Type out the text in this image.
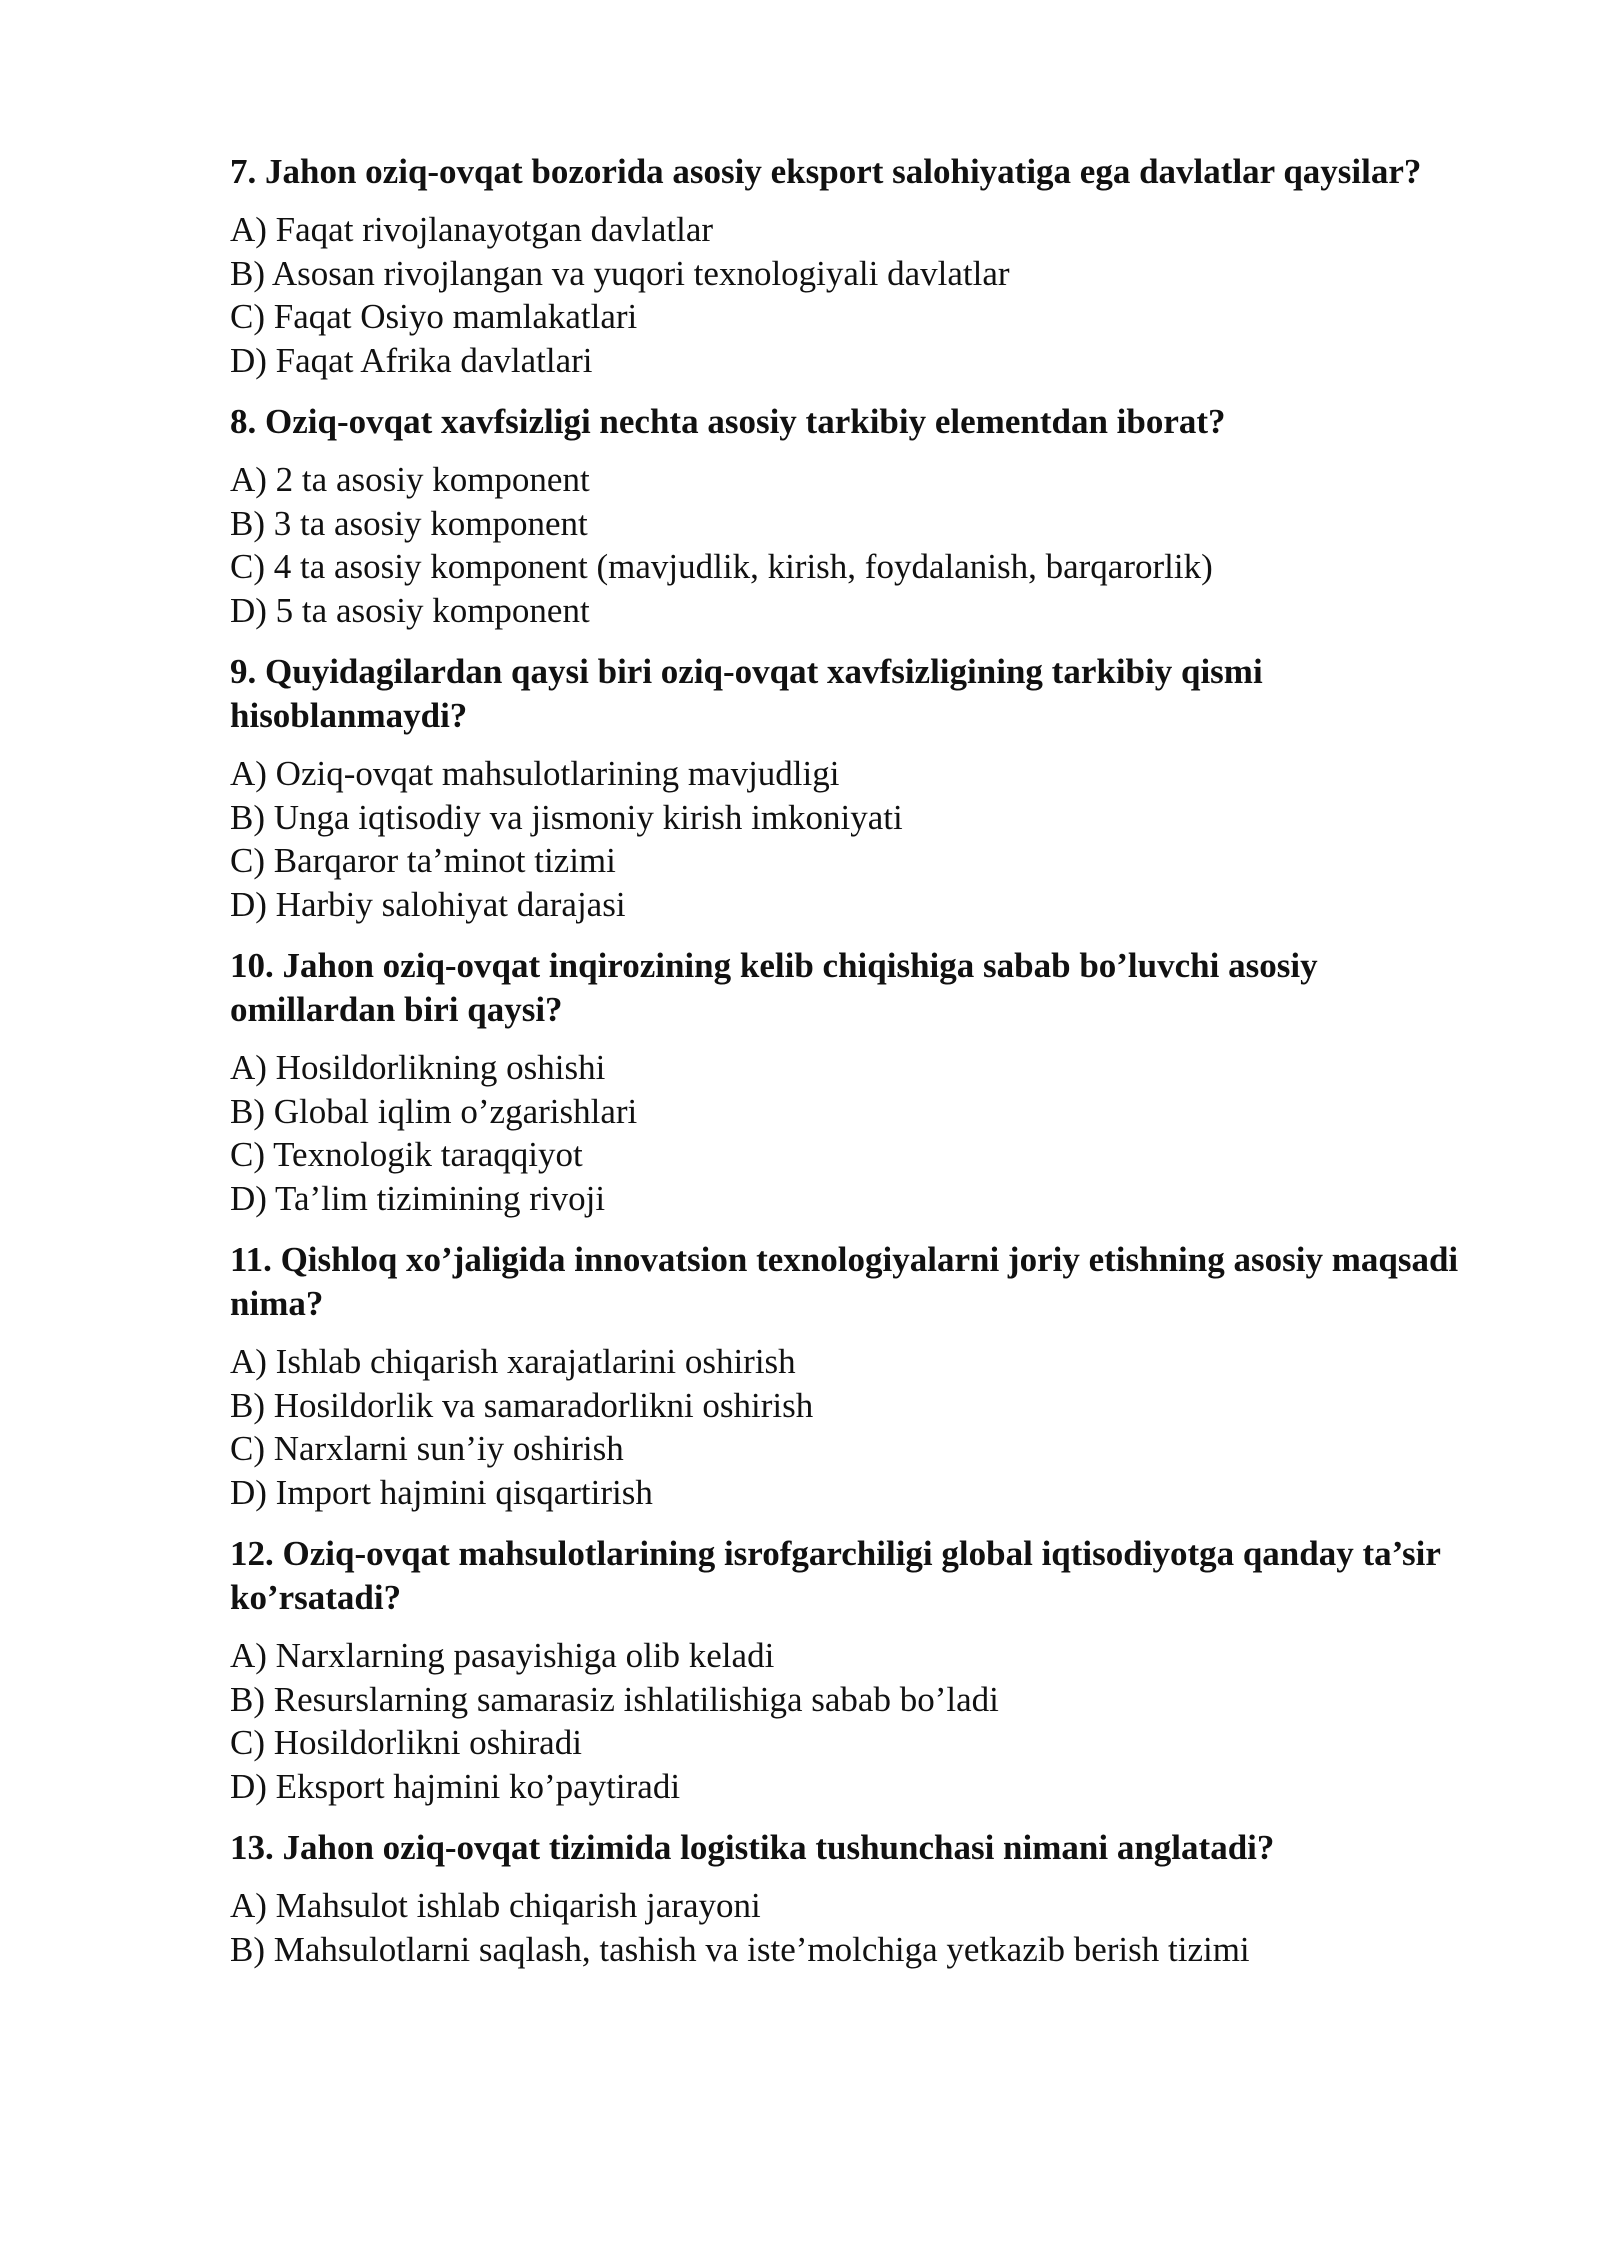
7. Jahon oziq-ovqat bozorida asosiy eksport salohiyatiga ega davlatlar qaysilar?
A) Faqat rivojlanayotgan davlatlar
B) Asosan rivojlangan va yuqori texnologiyali davlatlar
C) Faqat Osiyo mamlakatlari
D) Faqat Afrika davlatlari
8. Oziq-ovqat xavfsizligi nechta asosiy tarkibiy elementdan iborat?
A) 2 ta asosiy komponent
B) 3 ta asosiy komponent
C) 4 ta asosiy komponent (mavjudlik, kirish, foydalanish, barqarorlik)
D) 5 ta asosiy komponent
9. Quyidagilardan qaysi biri oziq-ovqat xavfsizligining tarkibiy qismi hisoblanmaydi?
A) Oziq-ovqat mahsulotlarining mavjudligi
B) Unga iqtisodiy va jismoniy kirish imkoniyati
C) Barqaror ta’minot tizimi
D) Harbiy salohiyat darajasi
10. Jahon oziq-ovqat inqirozining kelib chiqishiga sabab bo’luvchi asosiy omillardan biri qaysi?
A) Hosildorlikning oshishi
B) Global iqlim o’zgarishlari
C) Texnologik taraqqiyot
D) Ta’lim tizimining rivoji
11. Qishloq xo’jaligida innovatsion texnologiyalarni joriy etishning asosiy maqsadi nima?
A) Ishlab chiqarish xarajatlarini oshirish
B) Hosildorlik va samaradorlikni oshirish
C) Narxlarni sun’iy oshirish
D) Import hajmini qisqartirish
12. Oziq-ovqat mahsulotlarining isrofgarchiligi global iqtisodiyotga qanday ta’sir ko’rsatadi?
A) Narxlarning pasayishiga olib keladi
B) Resurslarning samarasiz ishlatilishiga sabab bo’ladi
C) Hosildorlikni oshiradi
D) Eksport hajmini ko’paytiradi
13. Jahon oziq-ovqat tizimida logistika tushunchasi nimani anglatadi?
A) Mahsulot ishlab chiqarish jarayoni
B) Mahsulotlarni saqlash, tashish va iste’molchiga yetkazib berish tizimi
